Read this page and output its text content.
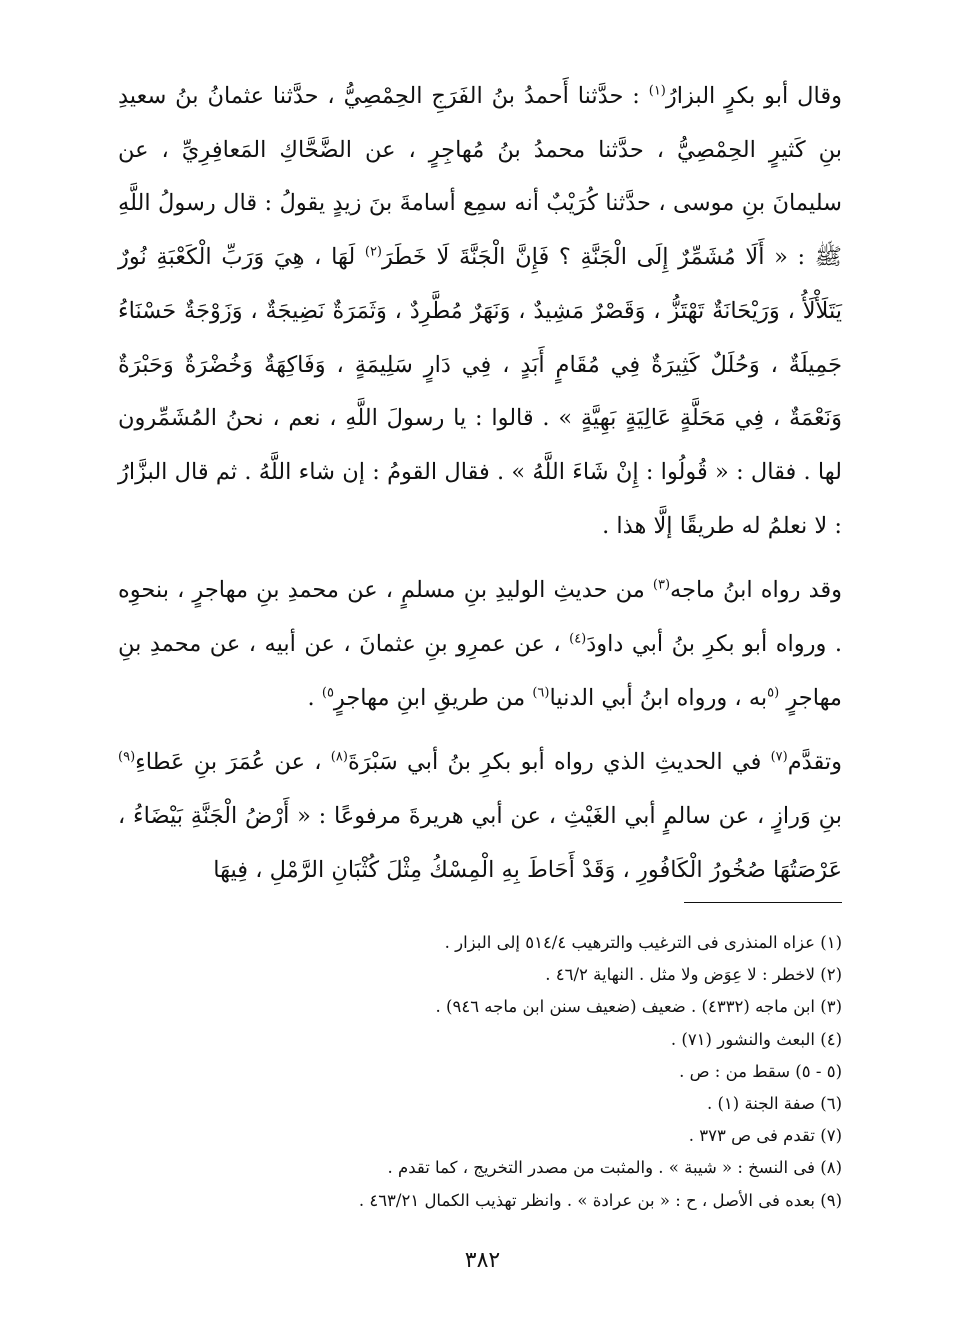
وقال أبو بكرٍ البزارُ$^{(١)}$ : حدَّثنا أَحمدُ بنُ الفَرَجِ الحِمْصِيُّ ، حدَّثنا عثمانُ بنُ سعيدِ بنِ كَثيرٍ الحِمْصِيُّ ، حدَّثنا محمدُ بنُ مُهاجِرٍ ، عن الضَّحَّاكِ المَعافِرِيِّ ، عن سليمانَ بنِ موسى ، حدَّثنا كُرَيْبٌ أنه سمِع أسامةَ بنَ زيدٍ يقولُ : قال رسولُ اللَّهِ ﷺ : « أَلَا مُشَمِّرٌ إِلَى الْجَنَّةِ ؟ فَإِنَّ الْجَنَّةَ لَا خَطَرَ$^{(٢)}$ لَهَا ، هِيَ وَرَبِّ الْكَعْبَةِ نُورٌ يَتَلَأْلَأُ ، وَرَيْحَانَةٌ تَهْتَزُّ ، وَقَصْرٌ مَشِيدٌ ، وَنَهَرٌ مُطَّرِدٌ ، وَثَمَرَةٌ نَضِيجَةٌ ، وَزَوْجَةٌ حَسْنَاءُ جَمِيلَةٌ ، وَحُلَلٌ كَثِيرَةٌ فِي مُقَامٍ أَبَدٍ ، فِي دَارٍ سَلِيمَةٍ ، وَفَاكِهَةٌ وَخُضْرَةٌ وَحَبْرَةٌ وَنَعْمَةٌ ، فِي مَحَلَّةٍ عَالِيَةٍ بَهِيَّةٍ » . قالوا : يا رسولَ اللَّهِ ، نعم ، نحنُ المُشَمِّرون لها . فقال : « قُولُوا : إِنْ شَاءَ اللَّهُ » . فقال القومُ : إن شاء اللَّهُ . ثم قال البزَّارُ : لا نعلمُ له طريقًا إلَّا هذا .

وقد رواه ابنُ ماجه$^{(٣)}$ من حديثِ الوليدِ بنِ مسلمٍ ، عن محمدِ بنِ مهاجرٍ ، بنحوِه . ورواه أبو بكرِ بنُ أبي داودَ$^{(٤)}$ ، عن عمرِو بنِ عثمانَ ، عن أبيه ، عن محمدِ بنِ مهاجرٍ $^{(٥}$به ، ورواه ابنُ أبي الدنيا$^{(٦)}$ من طريقِ ابنِ مهاجرٍ$^{٥)}$ .

وتقدَّم$^{(٧)}$ في الحديثِ الذي رواه أبو بكرِ بنُ أبي سَبْرَةَ$^{(٨)}$ ، عن عُمَرَ بنِ عَطاءِ$^{(٩)}$ بنِ وَرازٍ ، عن سالمٍ أبي الغَيْثِ ، عن أبي هريرةَ مرفوعًا : « أَرْضُ الْجَنَّةِ بَيْضَاءُ ، عَرْصَتُهَا صُخُورُ الْكَافُورِ ، وَقَدْ أَحَاطَ بِهِ الْمِسْكُ مِثْلَ كُثْبَانِ الرَّمْلِ ، فِيهَا

(١) عزاه المنذرى فى الترغيب والترهيب ٥١٤/٤ إلى البزار .

(٢) لاخطر : لا عِوَض ولا مثل . النهاية ٤٦/٢ .

(٣) ابن ماجه (٤٣٣٢) . ضعيف (ضعيف سنن ابن ماجه ٩٤٦) .

(٤) البعث والنشور (٧١) .

(٥ - ٥) سقط من : ص .

(٦) صفة الجنة (١) .

(٧) تقدم فى ص ٣٧٣ .

(٨) فى النسخ : « شيبة » . والمثبت من مصدر التخريج ، كما تقدم .

(٩) بعده فى الأصل ، ح : « بن عرادة » . وانظر تهذيب الكمال ٤٦٣/٢١ .

٣٨٢
